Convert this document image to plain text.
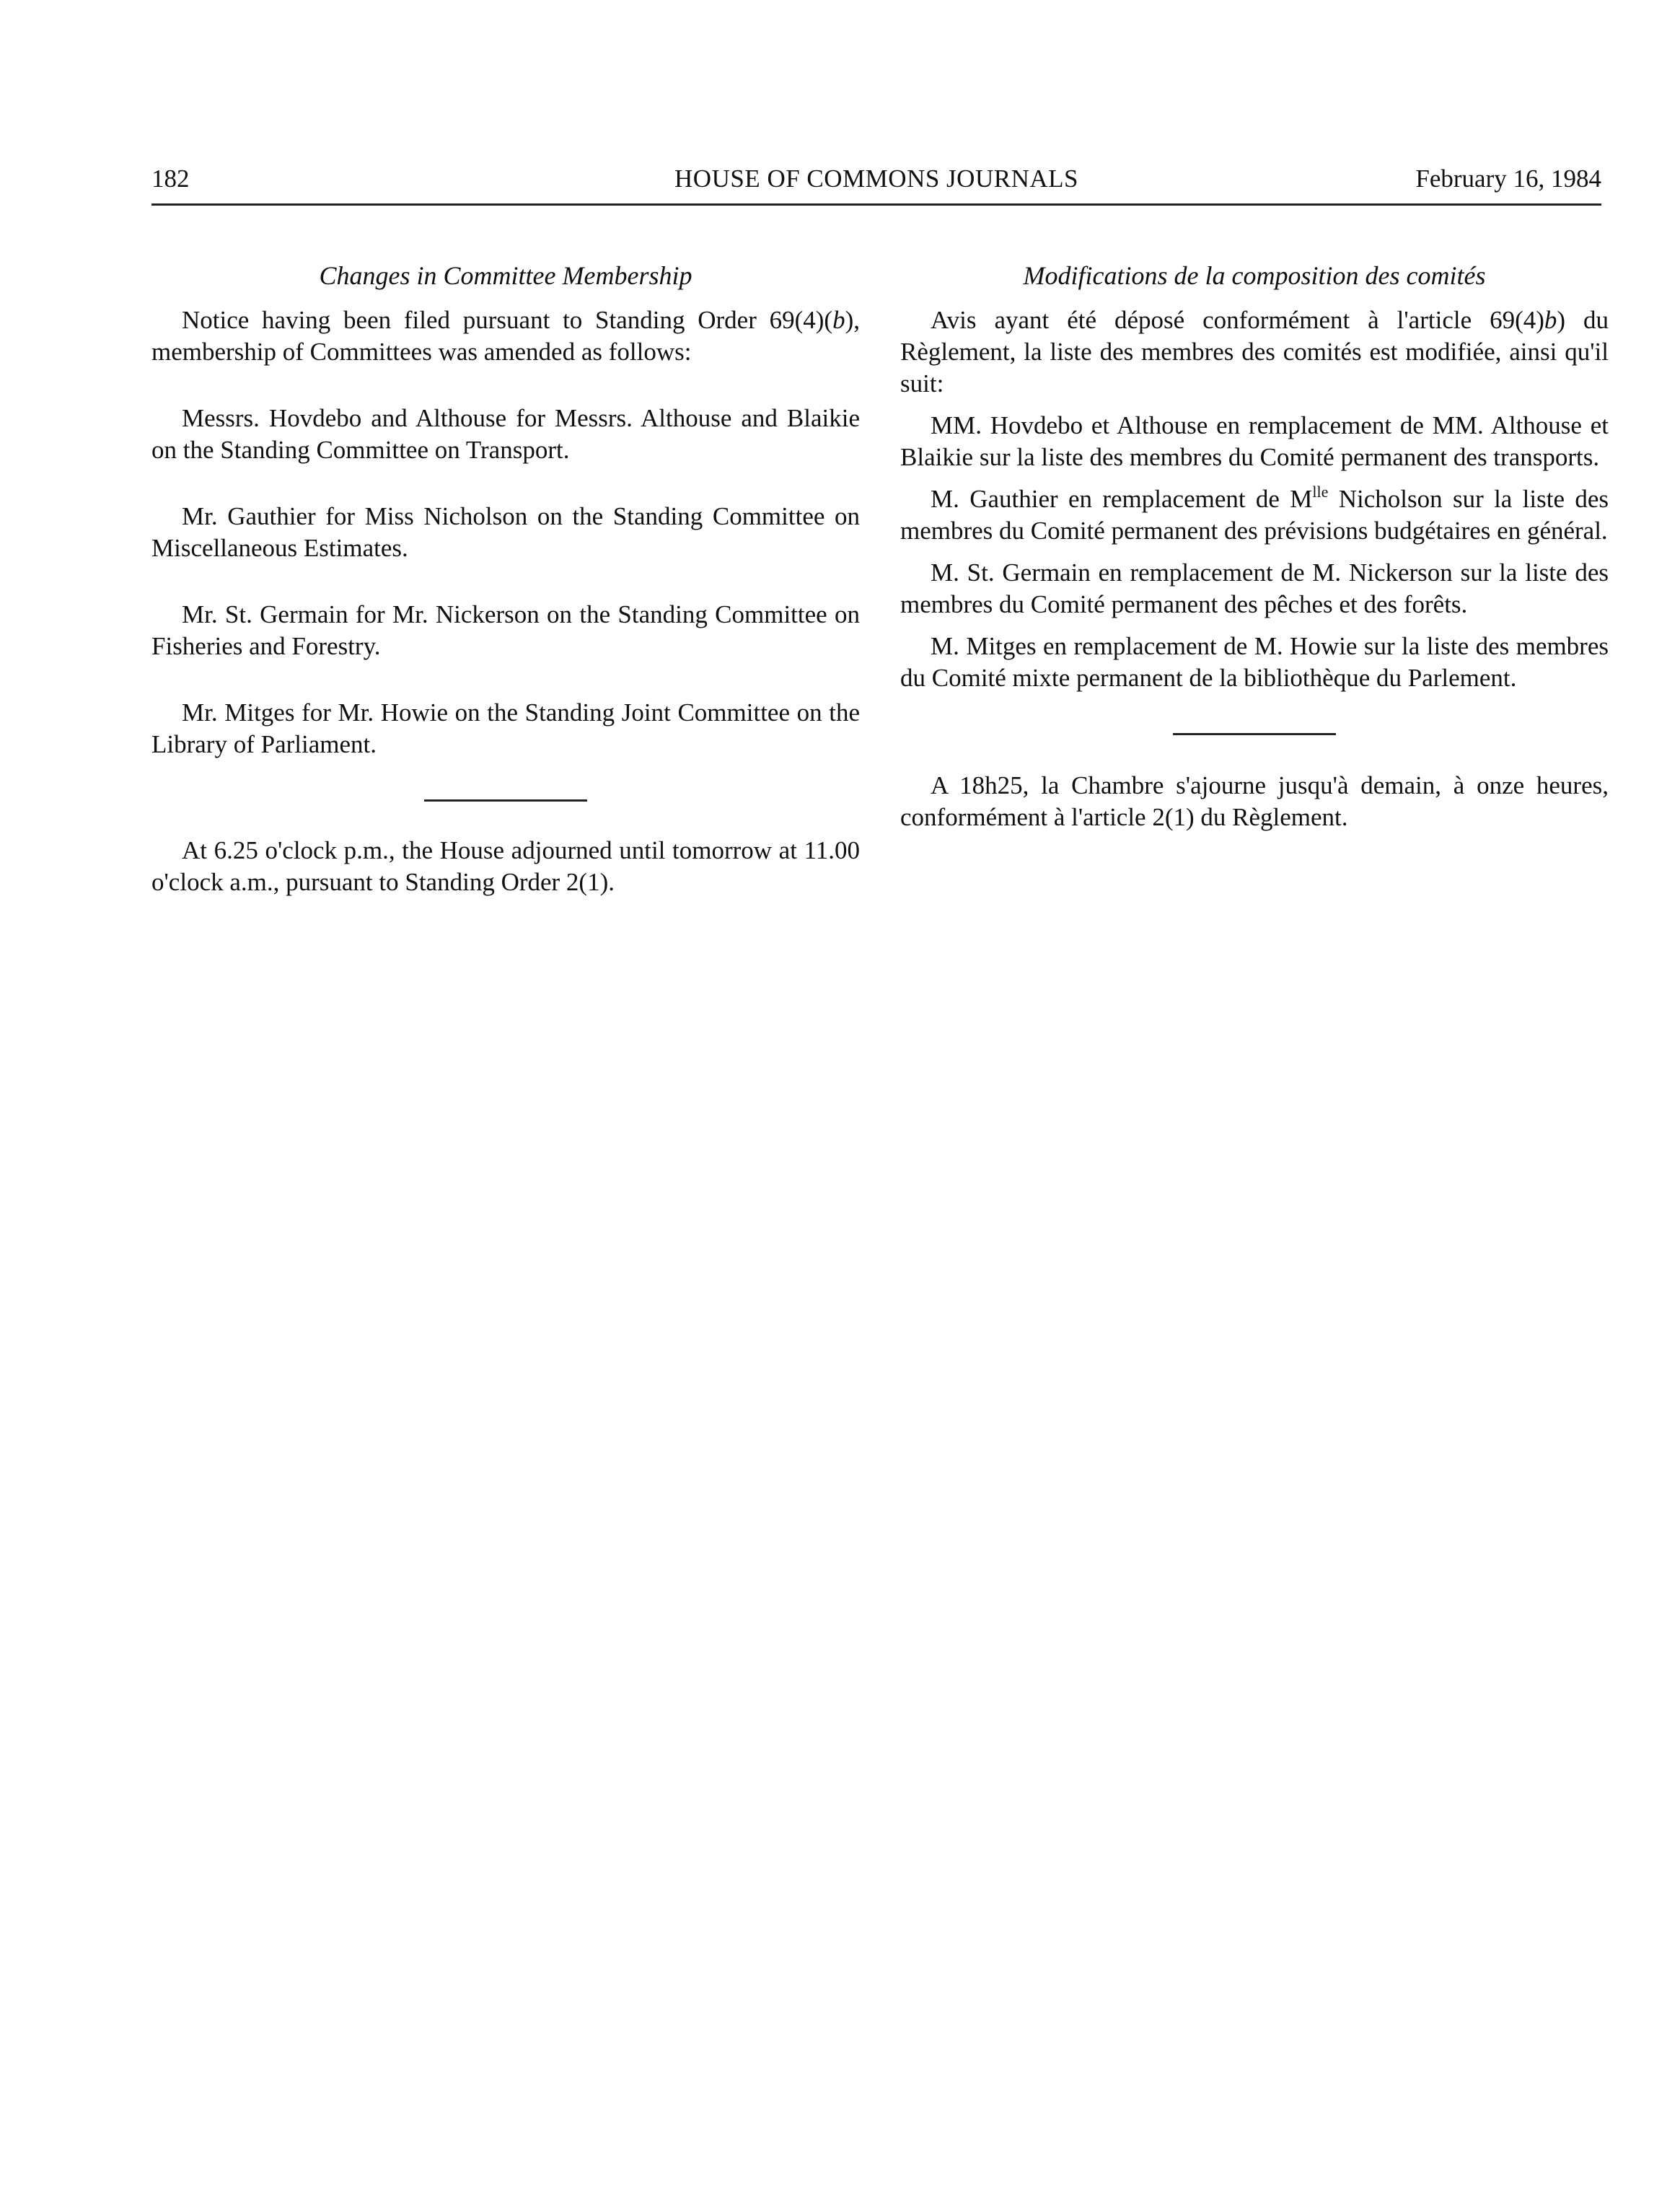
182	HOUSE OF COMMONS JOURNALS	February 16, 1984
Changes in Committee Membership

Notice having been filed pursuant to Standing Order 69(4)(b), membership of Committees was amended as follows:

Messrs. Hovdebo and Althouse for Messrs. Althouse and Blaikie on the Standing Committee on Transport.

Mr. Gauthier for Miss Nicholson on the Standing Committee on Miscellaneous Estimates.

Mr. St. Germain for Mr. Nickerson on the Standing Committee on Fisheries and Forestry.

Mr. Mitges for Mr. Howie on the Standing Joint Committee on the Library of Parliament.

At 6.25 o'clock p.m., the House adjourned until tomorrow at 11.00 o'clock a.m., pursuant to Standing Order 2(1).

Modifications de la composition des comités

Avis ayant été déposé conformément à l'article 69(4)b) du Règlement, la liste des membres des comités est modifiée, ainsi qu'il suit:

MM. Hovdebo et Althouse en remplacement de MM. Althouse et Blaikie sur la liste des membres du Comité permanent des transports.

M. Gauthier en remplacement de $M^{lle}$ Nicholson sur la liste des membres du Comité permanent des prévisions budgétaires en général.

M. St. Germain en remplacement de M. Nickerson sur la liste des membres du Comité permanent des pêches et des forêts.

M. Mitges en remplacement de M. Howie sur la liste des membres du Comité mixte permanent de la bibliothèque du Parlement.

A 18h25, la Chambre s'ajourne jusqu'à demain, à onze heures, conformément à l'article 2(1) du Règlement.
